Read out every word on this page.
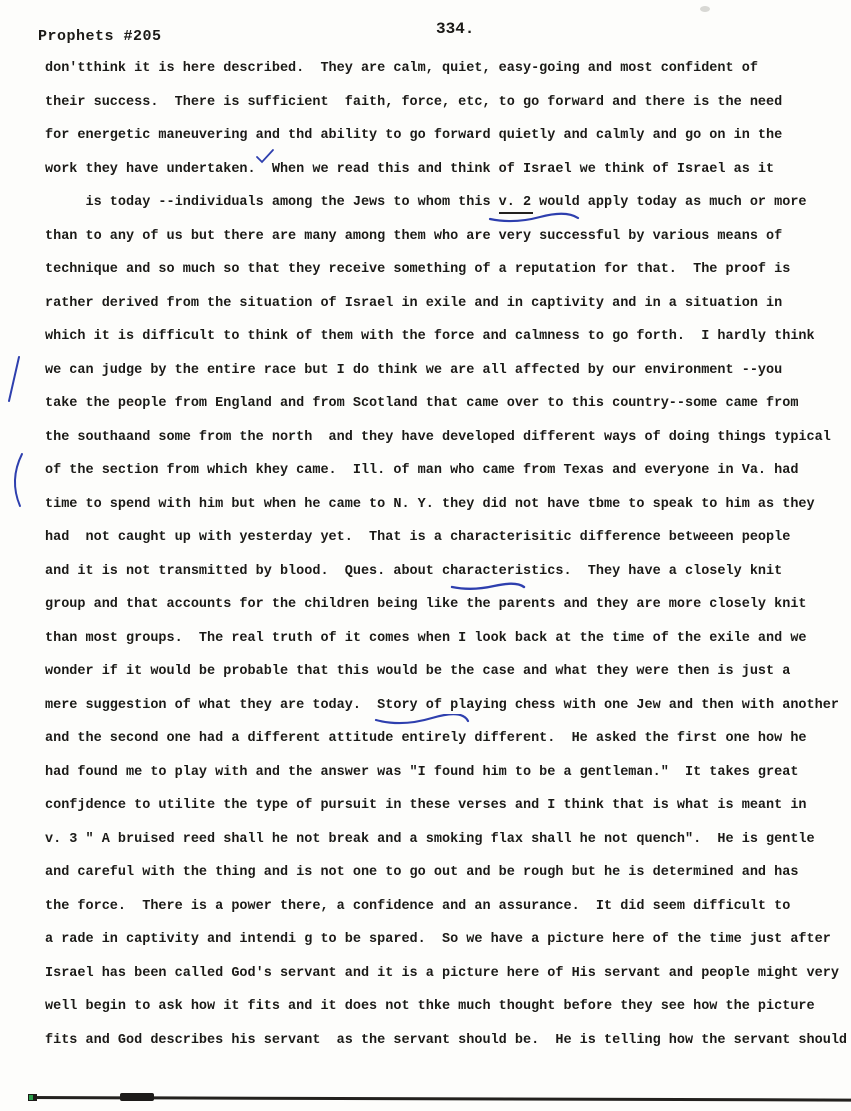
Prophets #205	334.
don'tthink it is here described.  They are calm, quiet, easy-going and most confident of
their success.  There is sufficient  faith, force, etc, to go forward and there is the need
for energetic maneuvering and thd ability to go forward quietly and calmly and go on in the
work they have undertaken.  When we read this and think of Israel we think of Israel as it
is today --individuals among the Jews to whom this v. 2 would apply today as much or more
than to any of us but there are many among them who are very successful by various means of
technique and so much so that they receive something of a reputation for that.  The proof is
rather derived from the situation of Israel in exile and in captivity and in a situation in
which it is difficult to think of them with the force and calmness to go forth.  I hardly think
we can judge by the entire race but I do think we are all affected by our environment --you
take the people from England and from Scotland that came over to this country--some came from
the southaand some from the north  and they have developed different ways of doing things typical
of the section from which khey came.  Ill. of man who came from Texas and everyone in Va. had
time to spend with him but when he came to N. Y. they did not have tbme to speak to him as they
had  not caught up with yesterday yet.  That is a characterisitic difference betweeen people
and it is not transmitted by blood.  Ques. about characteristics.  They have a closely knit
group and that accounts for the children being like the parents and they are more closely knit
than most groups.  The real truth of it comes when I look back at the time of the exile and we
wonder if it would be probable that this would be the case and what they were then is just a
mere suggestion of what they are today.  Story of playing chess with one Jew and then with another
and the second one had a different attitude entirely different.  He asked the first one how he
had found me to play with and the answer was "I found him to be a gentleman."  It takes great
confjdence to utilite the type of pursuit in these verses and I think that is what is meant in
v. 3 " A bruised reed shall he not break and a smoking flax shall he not quench".  He is gentle
and careful with the thing and is not one to go out and be rough but he is determined and has
the force.  There is a power there, a confidence and an assurance.  It did seem difficult to
a rade in captivity and intendi g to be spared.  So we have a picture here of the time just after
Israel has been called God's servant and it is a picture here of His servant and people might very
well begin to ask how it fits and it does not thke much thought before they see how the picture
fits and God describes his servant  as the servant should be.  He is telling how the servant should
